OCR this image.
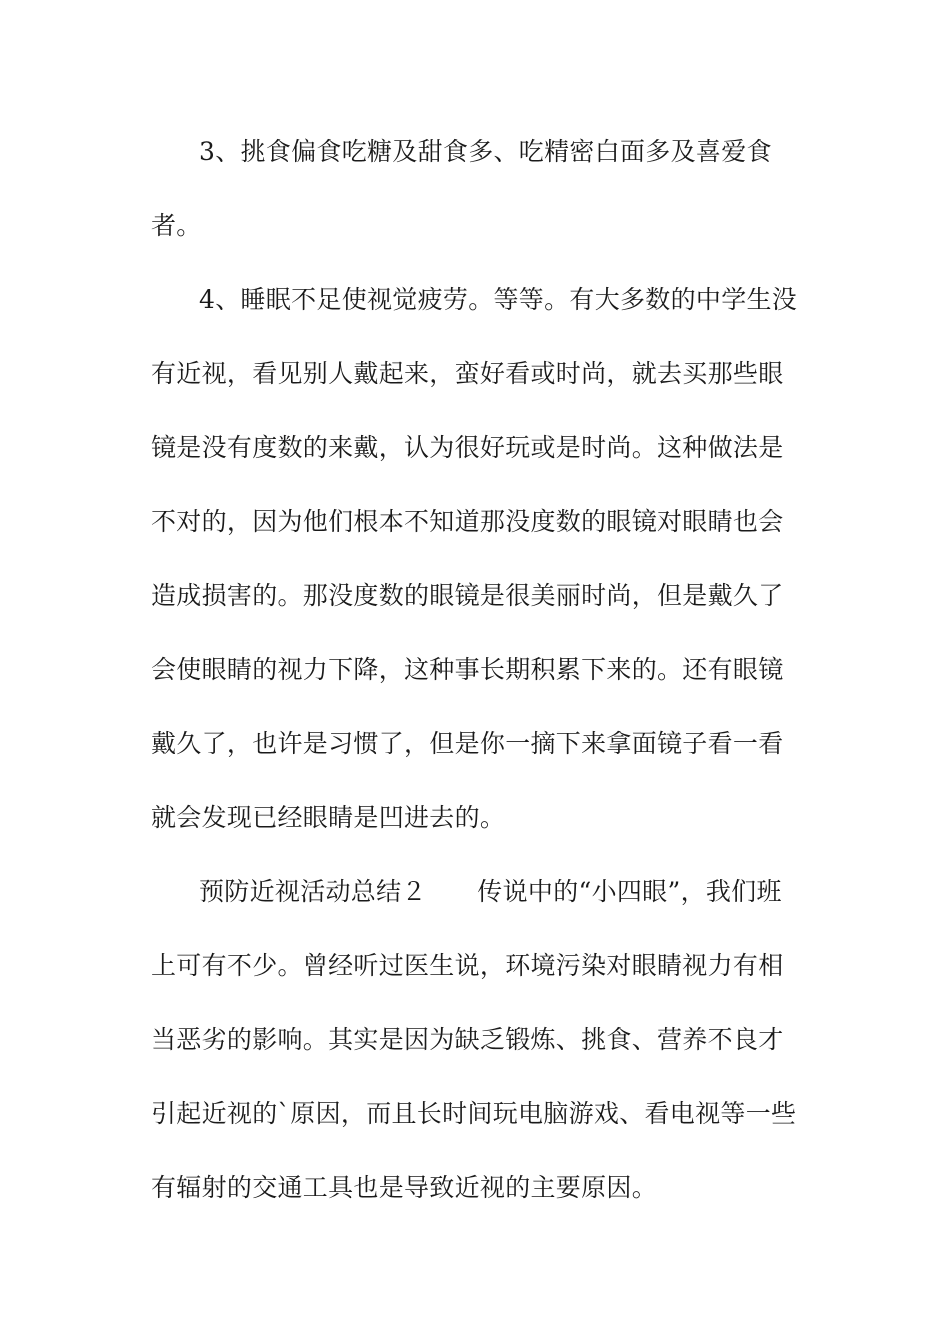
3、挑食偏食吃糖及甜食多、吃精密白面多及喜爱食
者。
4、睡眠不足使视觉疲劳。等等。有大多数的中学生没
有近视，看见别人戴起来，蛮好看或时尚，就去买那些眼
镜是没有度数的来戴，认为很好玩或是时尚。这种做法是
不对的，因为他们根本不知道那没度数的眼镜对眼睛也会
造成损害的。那没度数的眼镜是很美丽时尚，但是戴久了
会使眼睛的视力下降，这种事长期积累下来的。还有眼镜
戴久了，也许是习惯了，但是你一摘下来拿面镜子看一看
就会发现已经眼睛是凹进去的。
预防近视活动总结２　　传说中的“小四眼”，我们班
上可有不少。曾经听过医生说，环境污染对眼睛视力有相
当恶劣的影响。其实是因为缺乏锻炼、挑食、营养不良才
引起近视的`原因，而且长时间玩电脑游戏、看电视等一些
有辐射的交通工具也是导致近视的主要原因。
